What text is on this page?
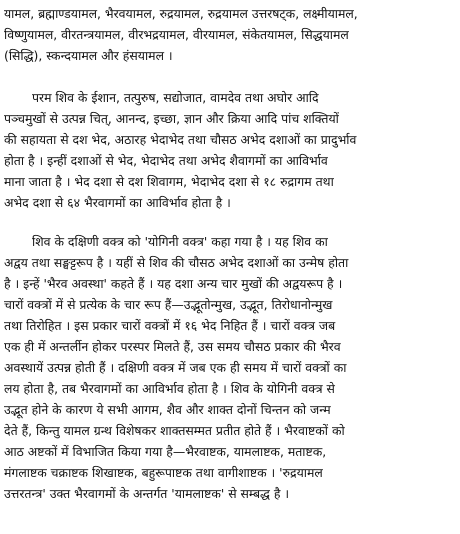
यामल, ब्रह्माण्डयामल, भैरवयामल, रुद्रयामल, रुद्रयामल उत्तरषट्क, लक्ष्मीयामल,
विष्णुयामल, वीरतन्त्रयामल, वीरभद्रयामल, वीरयामल, संकेतयामल, सिद्धयामल
(सिद्धि), स्कन्दयामल और हंसयामल ।
परम शिव के ईशान, तत्पुरुष, सद्योजात, वामदेव तथा अघोर आदि
पञ्चमुखों से उत्पन्न चित्, आनन्द, इच्छा, ज्ञान और क्रिया आदि पांच शक्तियों
की सहायता से दश भेद, अठारह भेदाभेद तथा चौसठ अभेद दशाओं का प्रादुर्भाव
होता है । इन्हीं दशाओं से भेद, भेदाभेद तथा अभेद शैवागमों का आविर्भाव
माना जाता है । भेद दशा से दश शिवागम, भेदाभेद दशा से १८ रुद्रागम तथा
अभेद दशा से ६४ भैरवागमों का आविर्भाव होता है ।
शिव के दक्षिणी वक्त्र को 'योगिनी वक्त्र' कहा गया है । यह शिव का
अद्वय तथा सङ्घट्टरूप है । यहीं से शिव की चौसठ अभेद दशाओं का उन्मेष होता
है । इन्हें 'भैरव अवस्था' कहते हैं । यह दशा अन्य चार मुखों की अद्वयरूप है ।
चारों वक्त्रों में से प्रत्येक के चार रूप हैं—उद्भूतोन्मुख, उद्भूत, तिरोधानोन्मुख
तथा तिरोहित । इस प्रकार चारों वक्त्रों में १६ भेद निहित हैं । चारों वक्त्र जब
एक ही में अन्तर्लीन होकर परस्पर मिलते हैं, उस समय चौसठ प्रकार की भैरव
अवस्थायें उत्पन्न होती हैं । दक्षिणी वक्त्र में जब एक ही समय में चारों वक्त्रों का
लय होता है, तब भैरवागमों का आविर्भाव होता है । शिव के योगिनी वक्त्र से
उद्भूत होने के कारण ये सभी आगम, शैव और शाक्त दोनों चिन्तन को जन्म
देते हैं, किन्तु यामल ग्रन्थ विशेषकर शाक्तसम्मत प्रतीत होते हैं । भैरवाष्टकों को
आठ अष्टकों में विभाजित किया गया है—भैरवाष्टक, यामलाष्टक, मताष्टक,
मंगलाष्टक चक्राष्टक शिखाष्टक, बहुरूपाष्टक तथा वागीशाष्टक । 'रुद्रयामल
उत्तरतन्त्र' उक्त भैरवागमों के अन्तर्गत 'यामलाष्टक' से सम्बद्ध है ।
